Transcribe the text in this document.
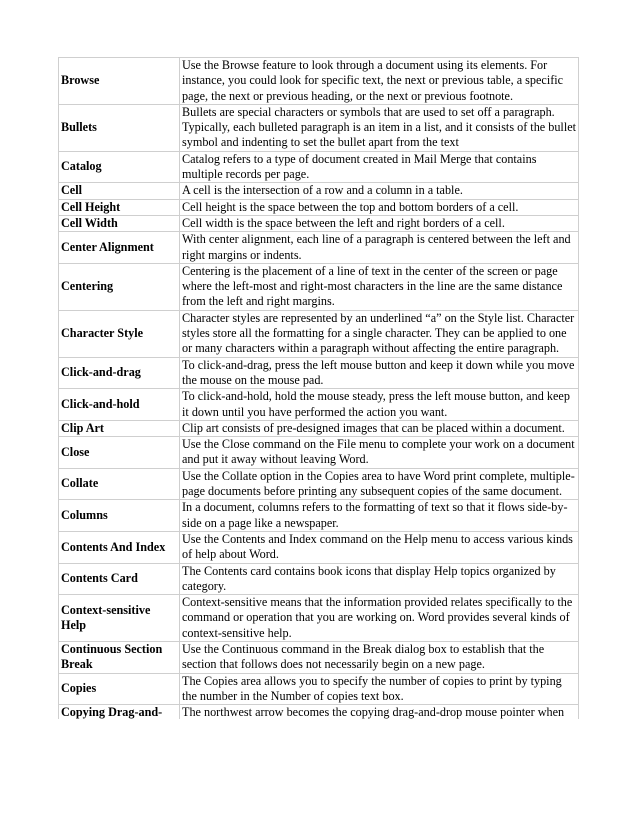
Browse	Use the Browse feature to look through a document using its elements. For instance, you could look for specific text, the next or previous table, a specific page, the next or previous heading, or the next or previous footnote.
Bullets	Bullets are special characters or symbols that are used to set off a paragraph. Typically, each bulleted paragraph is an item in a list, and it consists of the bullet symbol and indenting to set the bullet apart from the text
Catalog	Catalog refers to a type of document created in Mail Merge that contains multiple records per page.
Cell	A cell is the intersection of a row and a column in a table.
Cell Height	Cell height is the space between the top and bottom borders of a cell.
Cell Width	Cell width is the space between the left and right borders of a cell.
Center Alignment	With center alignment, each line of a paragraph is centered between the left and right margins or indents.
Centering	Centering is the placement of a line of text in the center of the screen or page where the left-most and right-most characters in the line are the same distance from the left and right margins.
Character Style	Character styles are represented by an underlined “a” on the Style list. Character styles store all the formatting for a single character. They can be applied to one or many characters within a paragraph without affecting the entire paragraph.
Click-and-drag	To click-and-drag, press the left mouse button and keep it down while you move the mouse on the mouse pad.
Click-and-hold	To click-and-hold, hold the mouse steady, press the left mouse button, and keep it down until you have performed the action you want.
Clip Art	Clip art consists of pre-designed images that can be placed within a document.
Close	Use the Close command on the File menu to complete your work on a document and put it away without leaving Word.
Collate	Use the Collate option in the Copies area to have Word print complete, multiple-page documents before printing any subsequent copies of the same document.
Columns	In a document, columns refers to the formatting of text so that it flows side-by-side on a page like a newspaper.
Contents And Index	Use the Contents and Index command on the Help menu to access various kinds of help about Word.
Contents Card	The Contents card contains book icons that display Help topics organized by category.
Context-sensitive Help	Context-sensitive means that the information provided relates specifically to the command or operation that you are working on. Word provides several kinds of context-sensitive help.
Continuous Section Break	Use the Continuous command in the Break dialog box to establish that the section that follows does not necessarily begin on a new page.
Copies	The Copies area allows you to specify the number of copies to print by typing the number in the Number of copies text box.

Copying Drag-and-	The northwest arrow becomes the copying drag-and-drop mouse pointer when
